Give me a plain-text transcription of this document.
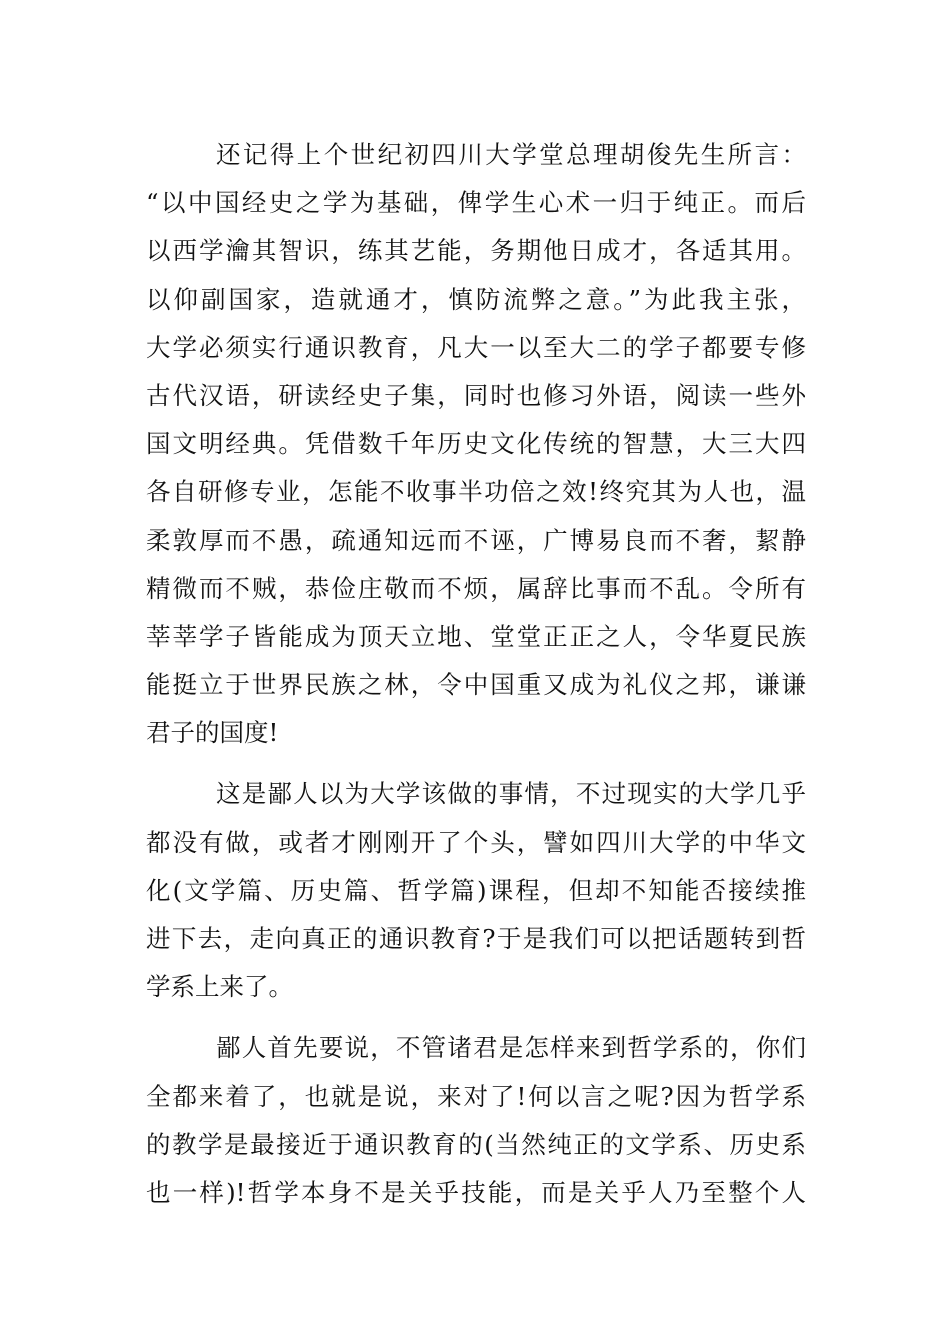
还记得上个世纪初四川大学堂总理胡俊先生所言：
“以中国经史之学为基础，俾学生心术一归于纯正。而后
以西学瀹其智识，练其艺能，务期他日成才，各适其用。
以仰副国家，造就通才，慎防流弊之意。”为此我主张，
大学必须实行通识教育，凡大一以至大二的学子都要专修
古代汉语，研读经史子集，同时也修习外语，阅读一些外
国文明经典。凭借数千年历史文化传统的智慧，大三大四
各自研修专业，怎能不收事半功倍之效!终究其为人也，温
柔敦厚而不愚，疏通知远而不诬，广博易良而不奢，絜静
精微而不贼，恭俭庄敬而不烦，属辞比事而不乱。令所有
莘莘学子皆能成为顶天立地、堂堂正正之人，令华夏民族
能挺立于世界民族之林，令中国重又成为礼仪之邦，谦谦
君子的国度!
这是鄙人以为大学该做的事情，不过现实的大学几乎
都没有做，或者才刚刚开了个头，譬如四川大学的中华文
化(文学篇、历史篇、哲学篇)课程，但却不知能否接续推
进下去，走向真正的通识教育?于是我们可以把话题转到哲
学系上来了。
鄙人首先要说，不管诸君是怎样来到哲学系的，你们
全都来着了，也就是说，来对了!何以言之呢?因为哲学系
的教学是最接近于通识教育的(当然纯正的文学系、历史系
也一样)!哲学本身不是关乎技能，而是关乎人乃至整个人
